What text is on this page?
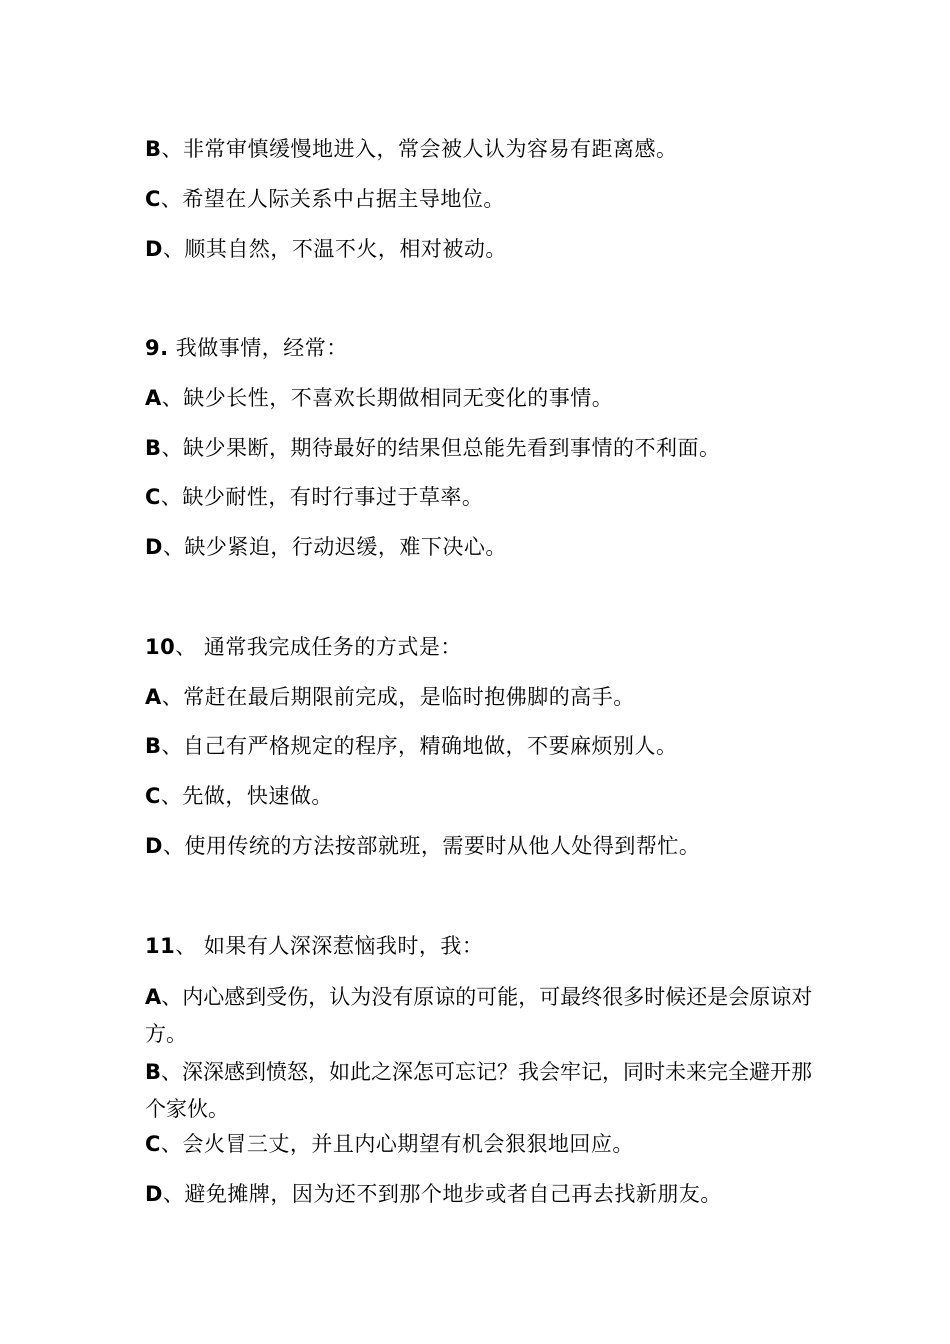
B、非常审慎缓慢地进入，常会被人认为容易有距离感。
C、希望在人际关系中占据主导地位。
D、顺其自然，不温不火，相对被动。
9. 我做事情，经常：
A、缺少长性，不喜欢长期做相同无变化的事情。
B、缺少果断，期待最好的结果但总能先看到事情的不利面。
C、缺少耐性，有时行事过于草率。
D、缺少紧迫，行动迟缓，难下决心。
10、 通常我完成任务的方式是：
A、常赶在最后期限前完成，是临时抱佛脚的高手。
B、自己有严格规定的程序，精确地做，不要麻烦别人。
C、先做，快速做。
D、使用传统的方法按部就班，需要时从他人处得到帮忙。
11、 如果有人深深惹恼我时，我：
A、内心感到受伤，认为没有原谅的可能，可最终很多时候还是会原谅对方。
B、深深感到愤怒，如此之深怎可忘记？我会牢记，同时未来完全避开那个家伙。
C、会火冒三丈，并且内心期望有机会狠狠地回应。
D、避免摊牌，因为还不到那个地步或者自己再去找新朋友。
